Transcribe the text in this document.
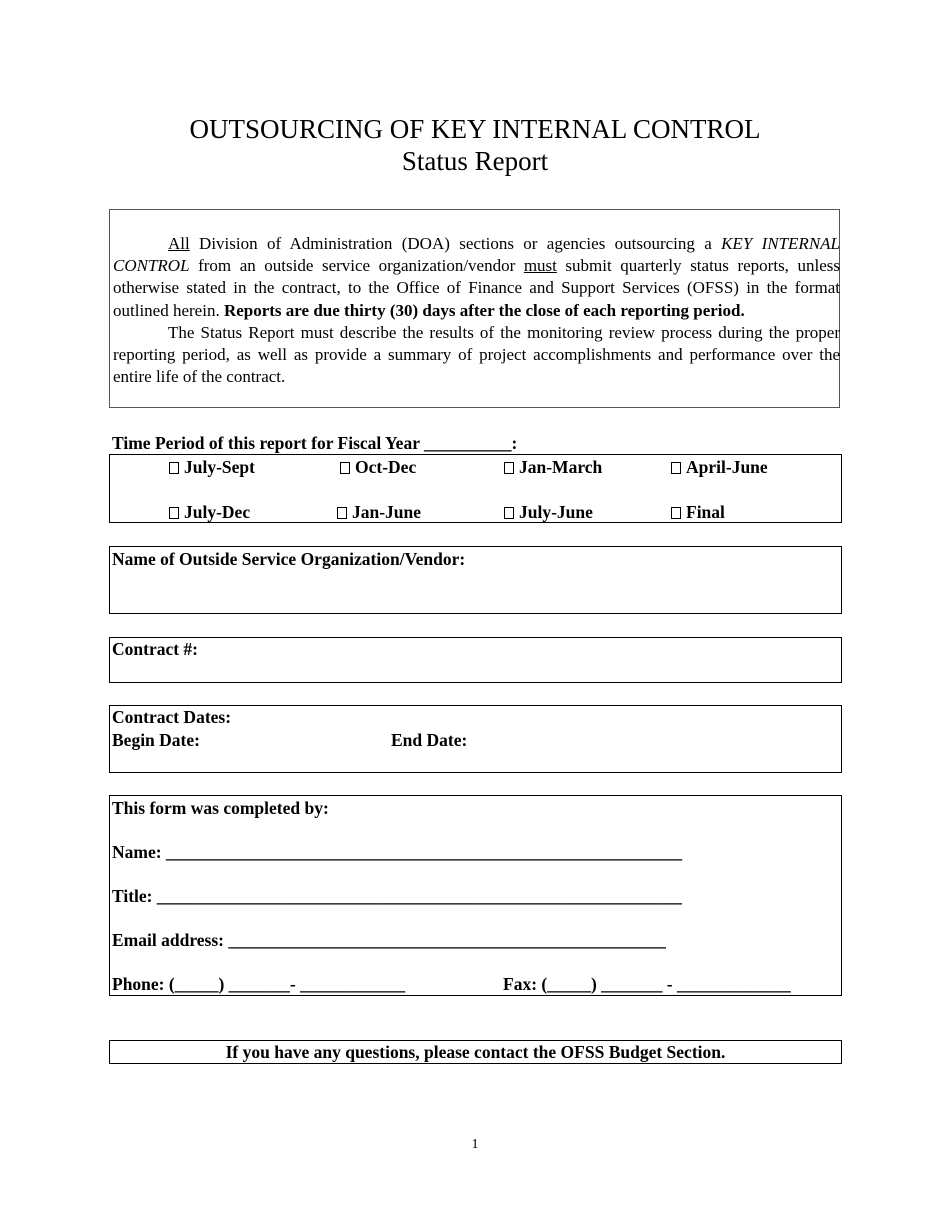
OUTSOURCING OF KEY INTERNAL CONTROL
Status Report

All Division of Administration (DOA) sections or agencies outsourcing a KEY INTERNAL CONTROL from an outside service organization/vendor must submit quarterly status reports, unless otherwise stated in the contract, to the Office of Finance and Support Services (OFSS) in the format outlined herein. Reports are due thirty (30) days after the close of each reporting period.

The Status Report must describe the results of the monitoring review process during the proper reporting period, as well as provide a summary of project accomplishments and performance over the entire life of the contract.

Time Period of this report for Fiscal Year __________:
July-Sept	Oct-Dec	Jan-March	April-June
July-Dec	Jan-June	July-June	Final
Name of Outside Service Organization/Vendor:
Contract #:
Contract Dates:
Begin Date:	End Date:
This form was completed by:
Name: ___________________________________________________________
Title: ____________________________________________________________
Email address: __________________________________________________
Phone: (_____) _______- ____________	Fax: (_____) _______ - _____________
If you have any questions, please contact the OFSS Budget Section.
1
